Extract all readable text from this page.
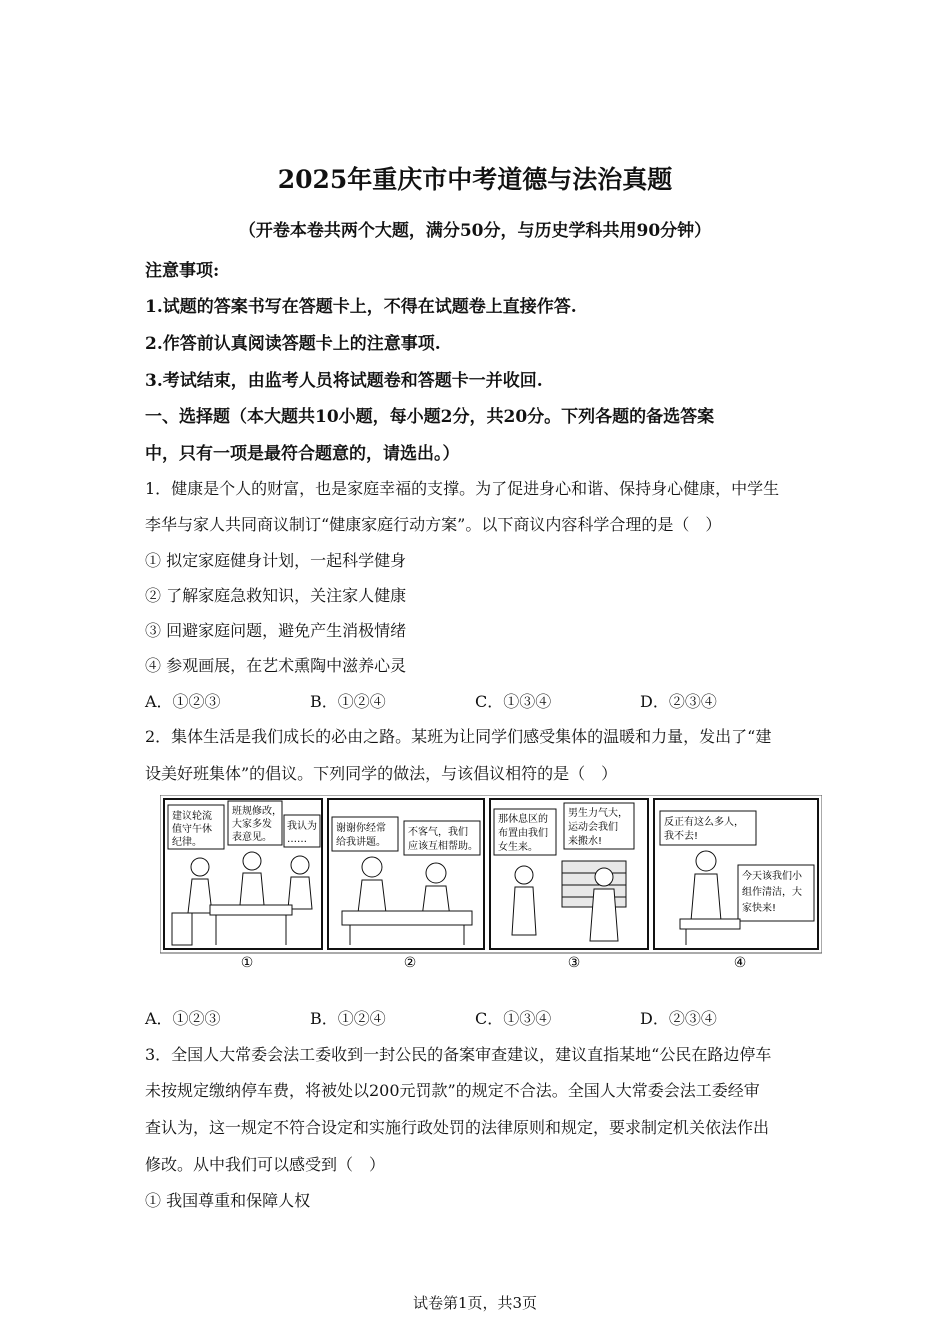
2025年重庆市中考道德与法治真题
（开卷本卷共两个大题，满分50分，与历史学科共用90分钟）
注意事项:
1.试题的答案书写在答题卡上，不得在试题卷上直接作答.
2.作答前认真阅读答题卡上的注意事项.
3.考试结束，由监考人员将试题卷和答题卡一并收回.
一、选择题（本大题共10小题，每小题2分，共20分。下列各题的备选答案
中，只有一项是最符合题意的，请选出。）
1．健康是个人的财富，也是家庭幸福的支撑。为了促进身心和谐、保持身心健康，中学生
李华与家人共同商议制订“健康家庭行动方案”。以下商议内容科学合理的是（　）
① 拟定家庭健身计划，一起科学健身
② 了解家庭急救知识，关注家人健康
③ 回避家庭问题，避免产生消极情绪
④ 参观画展，在艺术熏陶中滋养心灵
A．①②③	B．①②④	C．①③④	D．②③④
2．集体生活是我们成长的必由之路。某班为让同学们感受集体的温暖和力量，发出了“建
设美好班集体”的倡议。下列同学的做法，与该倡议相符的是（　）
建议轮流
值守午休
纪律。
班规修改，
大家多发
表意见。
我认为
……
谢谢你经常
给我讲题。
不客气，我们
应该互相帮助。
那休息区的
布置由我们
女生来。
男生力气大，
运动会我们
来搬水!
反正有这么多人，
我不去!
今天该我们小
组作清洁，大
家快来!
①	②	③	④
A．①②③	B．①②④	C．①③④	D．②③④
3．全国人大常委会法工委收到一封公民的备案审查建议，建议直指某地“公民在路边停车
未按规定缴纳停车费，将被处以200元罚款”的规定不合法。全国人大常委会法工委经审
查认为，这一规定不符合设定和实施行政处罚的法律原则和规定，要求制定机关依法作出
修改。从中我们可以感受到（　）
① 我国尊重和保障人权
试卷第1页，共3页
